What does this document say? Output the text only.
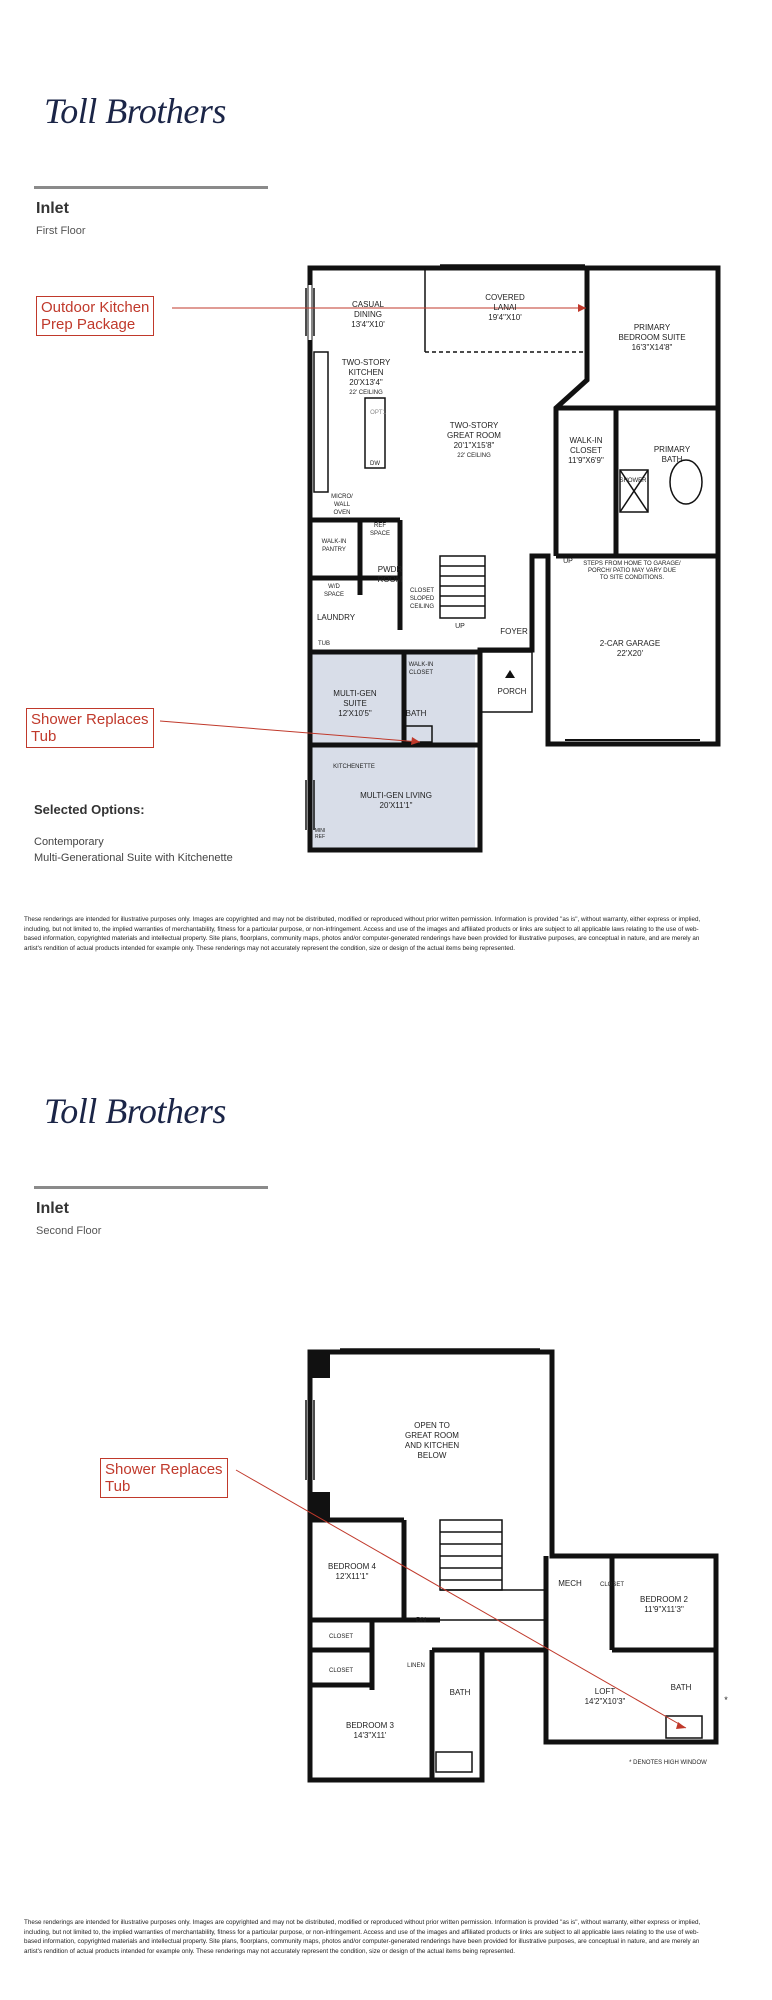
Toll Brothers
Inlet
First Floor
CASUAL DINING 13'4"X10'
COVERED LANAI 19'4"X10'
PRIMARY BEDROOM SUITE 16'3"X14'8"
TWO-STORY KITCHEN 20'X13'4" 22' CEILING
TWO-STORY GREAT ROOM 20'1"X15'8" 22' CEILING
WALK-IN CLOSET 11'9"X6'9"
PRIMARY BATH
SHOWER
OPT1
DW
MICRO/ WALL OVEN
WALK-IN PANTRY
REF SPACE
PWDR ROOM
CLOSET SLOPED CEILING
W/D SPACE
LAUNDRY
TUB
UP
UP
FOYER
STEPS FROM HOME TO GARAGE/ PORCH/ PATIO MAY VARY DUE TO SITE CONDITIONS.
2-CAR GARAGE 22'X20'
WALK-IN CLOSET
MULTI-GEN SUITE 12'X10'5"	BATH
PORCH
KITCHENETTE
MULTI-GEN LIVING 20'X11'1"
MINI REF
Outdoor Kitchen
Prep Package
Shower Replaces
Tub
Selected Options:
Contemporary
Multi-Generational Suite with Kitchenette
These renderings are intended for illustrative purposes only. Images are copyrighted and may not be distributed, modified or reproduced without prior written permission. Information is provided "as is", without warranty, either express or implied, including, but not limited to, the implied warranties of merchantability, fitness for a particular purpose, or non-infringement. Access and use of the images and affiliated products or links are subject to all applicable laws relating to the use of web-based information, copyrighted materials and intellectual property. Site plans, floorplans, community maps, photos and/or computer-generated renderings have been provided for illustrative purposes, are conceptual in nature, and are merely an artist's rendition of actual products intended for example only. These renderings may not accurately represent the condition, size or design of the actual items being represented.
Toll Brothers
Inlet
Second Floor
OPEN TO GREAT ROOM AND KITCHEN BELOW
BEDROOM 4 12'X11'1"
MECH	CLOSET
BEDROOM 2 11'9"X11'3"
DN
CLOSET
CLOSET
LINEN
BATH	LOFT 14'2"X10'3"
BATH
BEDROOM 3 14'3"X11'
*
* DENOTES HIGH WINDOW
Shower Replaces
Tub
These renderings are intended for illustrative purposes only. Images are copyrighted and may not be distributed, modified or reproduced without prior written permission. Information is provided "as is", without warranty, either express or implied, including, but not limited to, the implied warranties of merchantability, fitness for a particular purpose, or non-infringement. Access and use of the images and affiliated products or links are subject to all applicable laws relating to the use of web-based information, copyrighted materials and intellectual property. Site plans, floorplans, community maps, photos and/or computer-generated renderings have been provided for illustrative purposes, are conceptual in nature, and are merely an artist's rendition of actual products intended for example only. These renderings may not accurately represent the condition, size or design of the actual items being represented.
